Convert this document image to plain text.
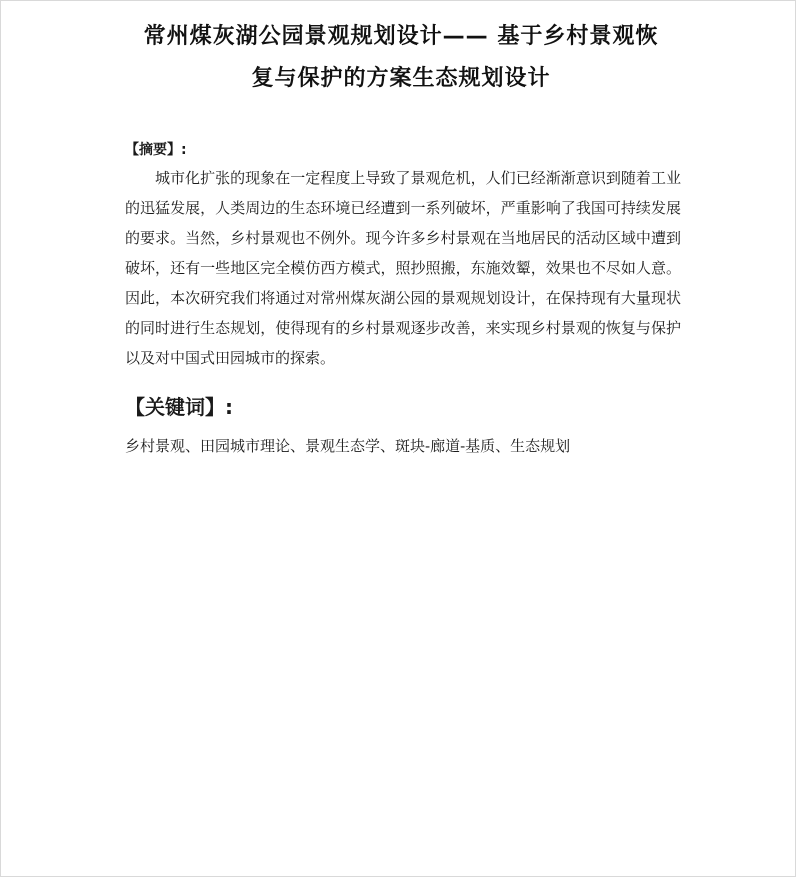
常州煤灰湖公园景观规划设计—— 基于乡村景观恢
复与保护的方案生态规划设计
【摘要】:

城市化扩张的现象在一定程度上导致了景观危机，人们已经渐渐意识到随着工业的迅猛发展，人类周边的生态环境已经遭到一系列破坏，严重影响了我国可持续发展的要求。当然，乡村景观也不例外。现今许多乡村景观在当地居民的活动区域中遭到破坏，还有一些地区完全模仿西方模式，照抄照搬，东施效颦，效果也不尽如人意。因此，本次研究我们将通过对常州煤灰湖公园的景观规划设计，在保持现有大量现状的同时进行生态规划，使得现有的乡村景观逐步改善，来实现乡村景观的恢复与保护以及对中国式田园城市的探索。

【关键词】:

乡村景观、田园城市理论、景观生态学、斑块-廊道-基质、生态规划
